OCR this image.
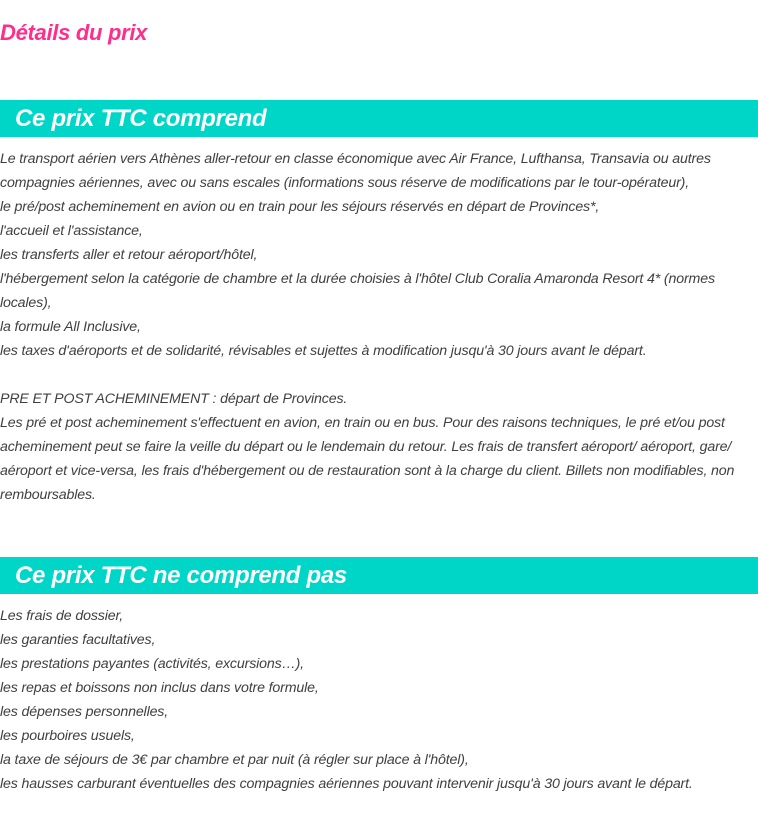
Détails du prix
Ce prix TTC comprend

Le transport aérien vers Athènes aller-retour en classe économique avec Air France, Lufthansa, Transavia ou autres compagnies aériennes, avec ou sans escales (informations sous réserve de modifications par le tour-opérateur),

le pré/post acheminement en avion ou en train pour les séjours réservés en départ de Provinces*,

l'accueil et l'assistance,

les transferts aller et retour aéroport/hôtel,

l'hébergement selon la catégorie de chambre et la durée choisies à l'hôtel Club Coralia Amaronda Resort 4* (normes locales),

la formule All Inclusive,

les taxes d'aéroports et de solidarité, révisables et sujettes à modification jusqu'à 30 jours avant le départ.

PRE ET POST ACHEMINEMENT : départ de Provinces.

Les pré et post acheminement s'effectuent en avion, en train ou en bus. Pour des raisons techniques, le pré et/ou post acheminement peut se faire la veille du départ ou le lendemain du retour. Les frais de transfert aéroport/ aéroport, gare/ aéroport et vice-versa, les frais d'hébergement ou de restauration sont à la charge du client. Billets non modifiables, non remboursables.

Ce prix TTC ne comprend pas

Les frais de dossier,

les garanties facultatives,

les prestations payantes (activités, excursions…),

les repas et boissons non inclus dans votre formule,

les dépenses personnelles,

les pourboires usuels,

la taxe de séjours de 3€ par chambre et par nuit (à régler sur place à l'hôtel),

les hausses carburant éventuelles des compagnies aériennes pouvant intervenir jusqu'à 30 jours avant le départ.
